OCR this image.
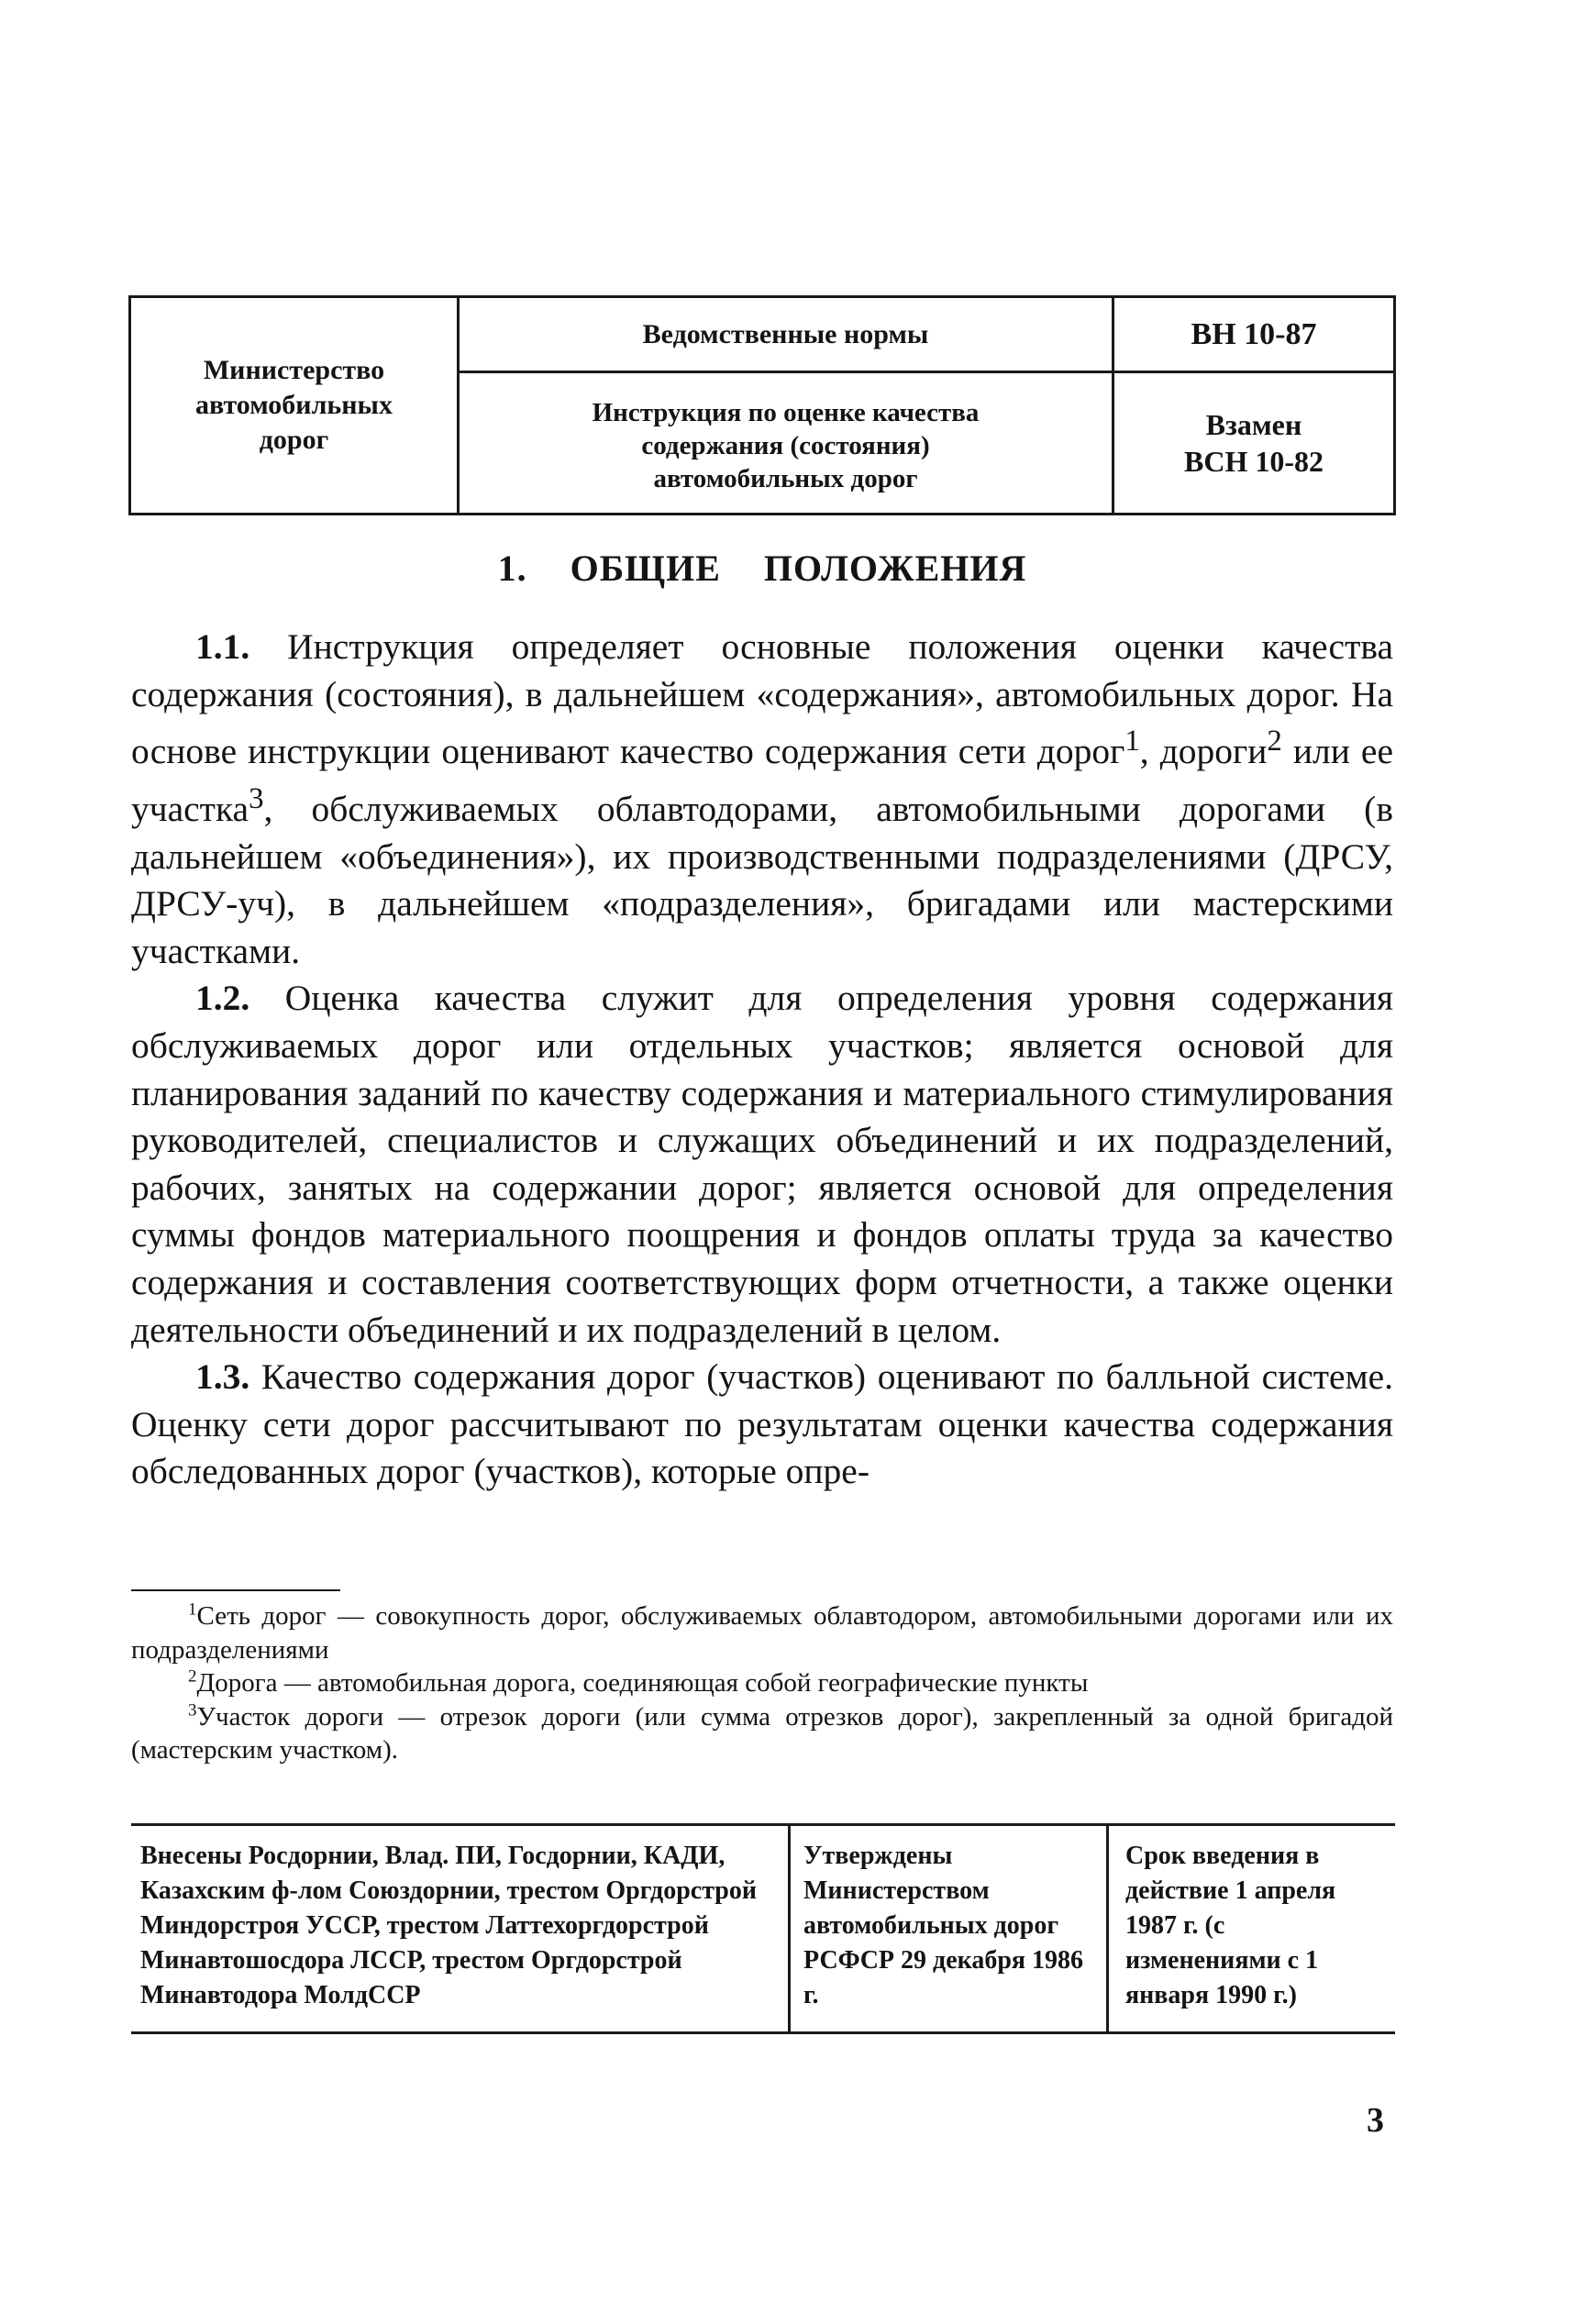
Министерство
автомобильных
дорог
Ведомственные нормы	ВН 10-87
Инструкция по оценке качества
содержания (состояния)
автомобильных дорог
Взамен
ВСН 10-82
1. ОБЩИЕ ПОЛОЖЕНИЯ

1.1. Инструкция определяет основные положения оценки качества содержания (состояния), в дальнейшем «содержания», автомобильных дорог. На основе инструкции оценивают качество содержания сети дорог$^1$, дороги$^2$ или ее участка$^3$, обслуживаемых облавтодорами, автомобильными дорогами (в дальнейшем «объединения»), их производственными подразделениями (ДРСУ, ДРСУ-уч), в дальнейшем «подразделения», бригадами или мастерскими участками.

1.2. Оценка качества служит для определения уровня содержания обслуживаемых дорог или отдельных участков; является основой для планирования заданий по качеству содержания и материального стимулирования руководителей, специалистов и служащих объединений и их подразделений, рабочих, занятых на содержании дорог; является основой для определения суммы фондов материального поощрения и фондов оплаты труда за качество содержания и составления соответствующих форм отчетности, а также оценки деятельности объединений и их подразделений в целом.

1.3. Качество содержания дорог (участков) оценивают по балльной системе. Оценку сети дорог рассчитывают по результатам оценки качества содержания обследованных дорог (участков), которые опре-

$^1$Сеть дорог — совокупность дорог, обслуживаемых облавтодором, автомобильными дорогами или их подразделениями

$^2$Дорога — автомобильная дорога, соединяющая собой географические пункты

$^3$Участок дороги — отрезок дороги (или сумма отрезков дорог), закрепленный за одной бригадой (мастерским участком).

Внесены Росдорнии, Влад. ПИ, Госдорнии, КАДИ, Казахским ф-лом Союздорнии, трестом Оргдорстрой Миндорстроя УССР, трестом Латтехоргдорстрой Минавтошосдора ЛССР, трестом Оргдорстрой Минавтодора МолдССР
Утверждены Министерством автомобильных дорог РСФСР 29 декабря 1986 г.
Срок введения в действие 1 апреля 1987 г. (с изменениями с 1 января 1990 г.)
3
